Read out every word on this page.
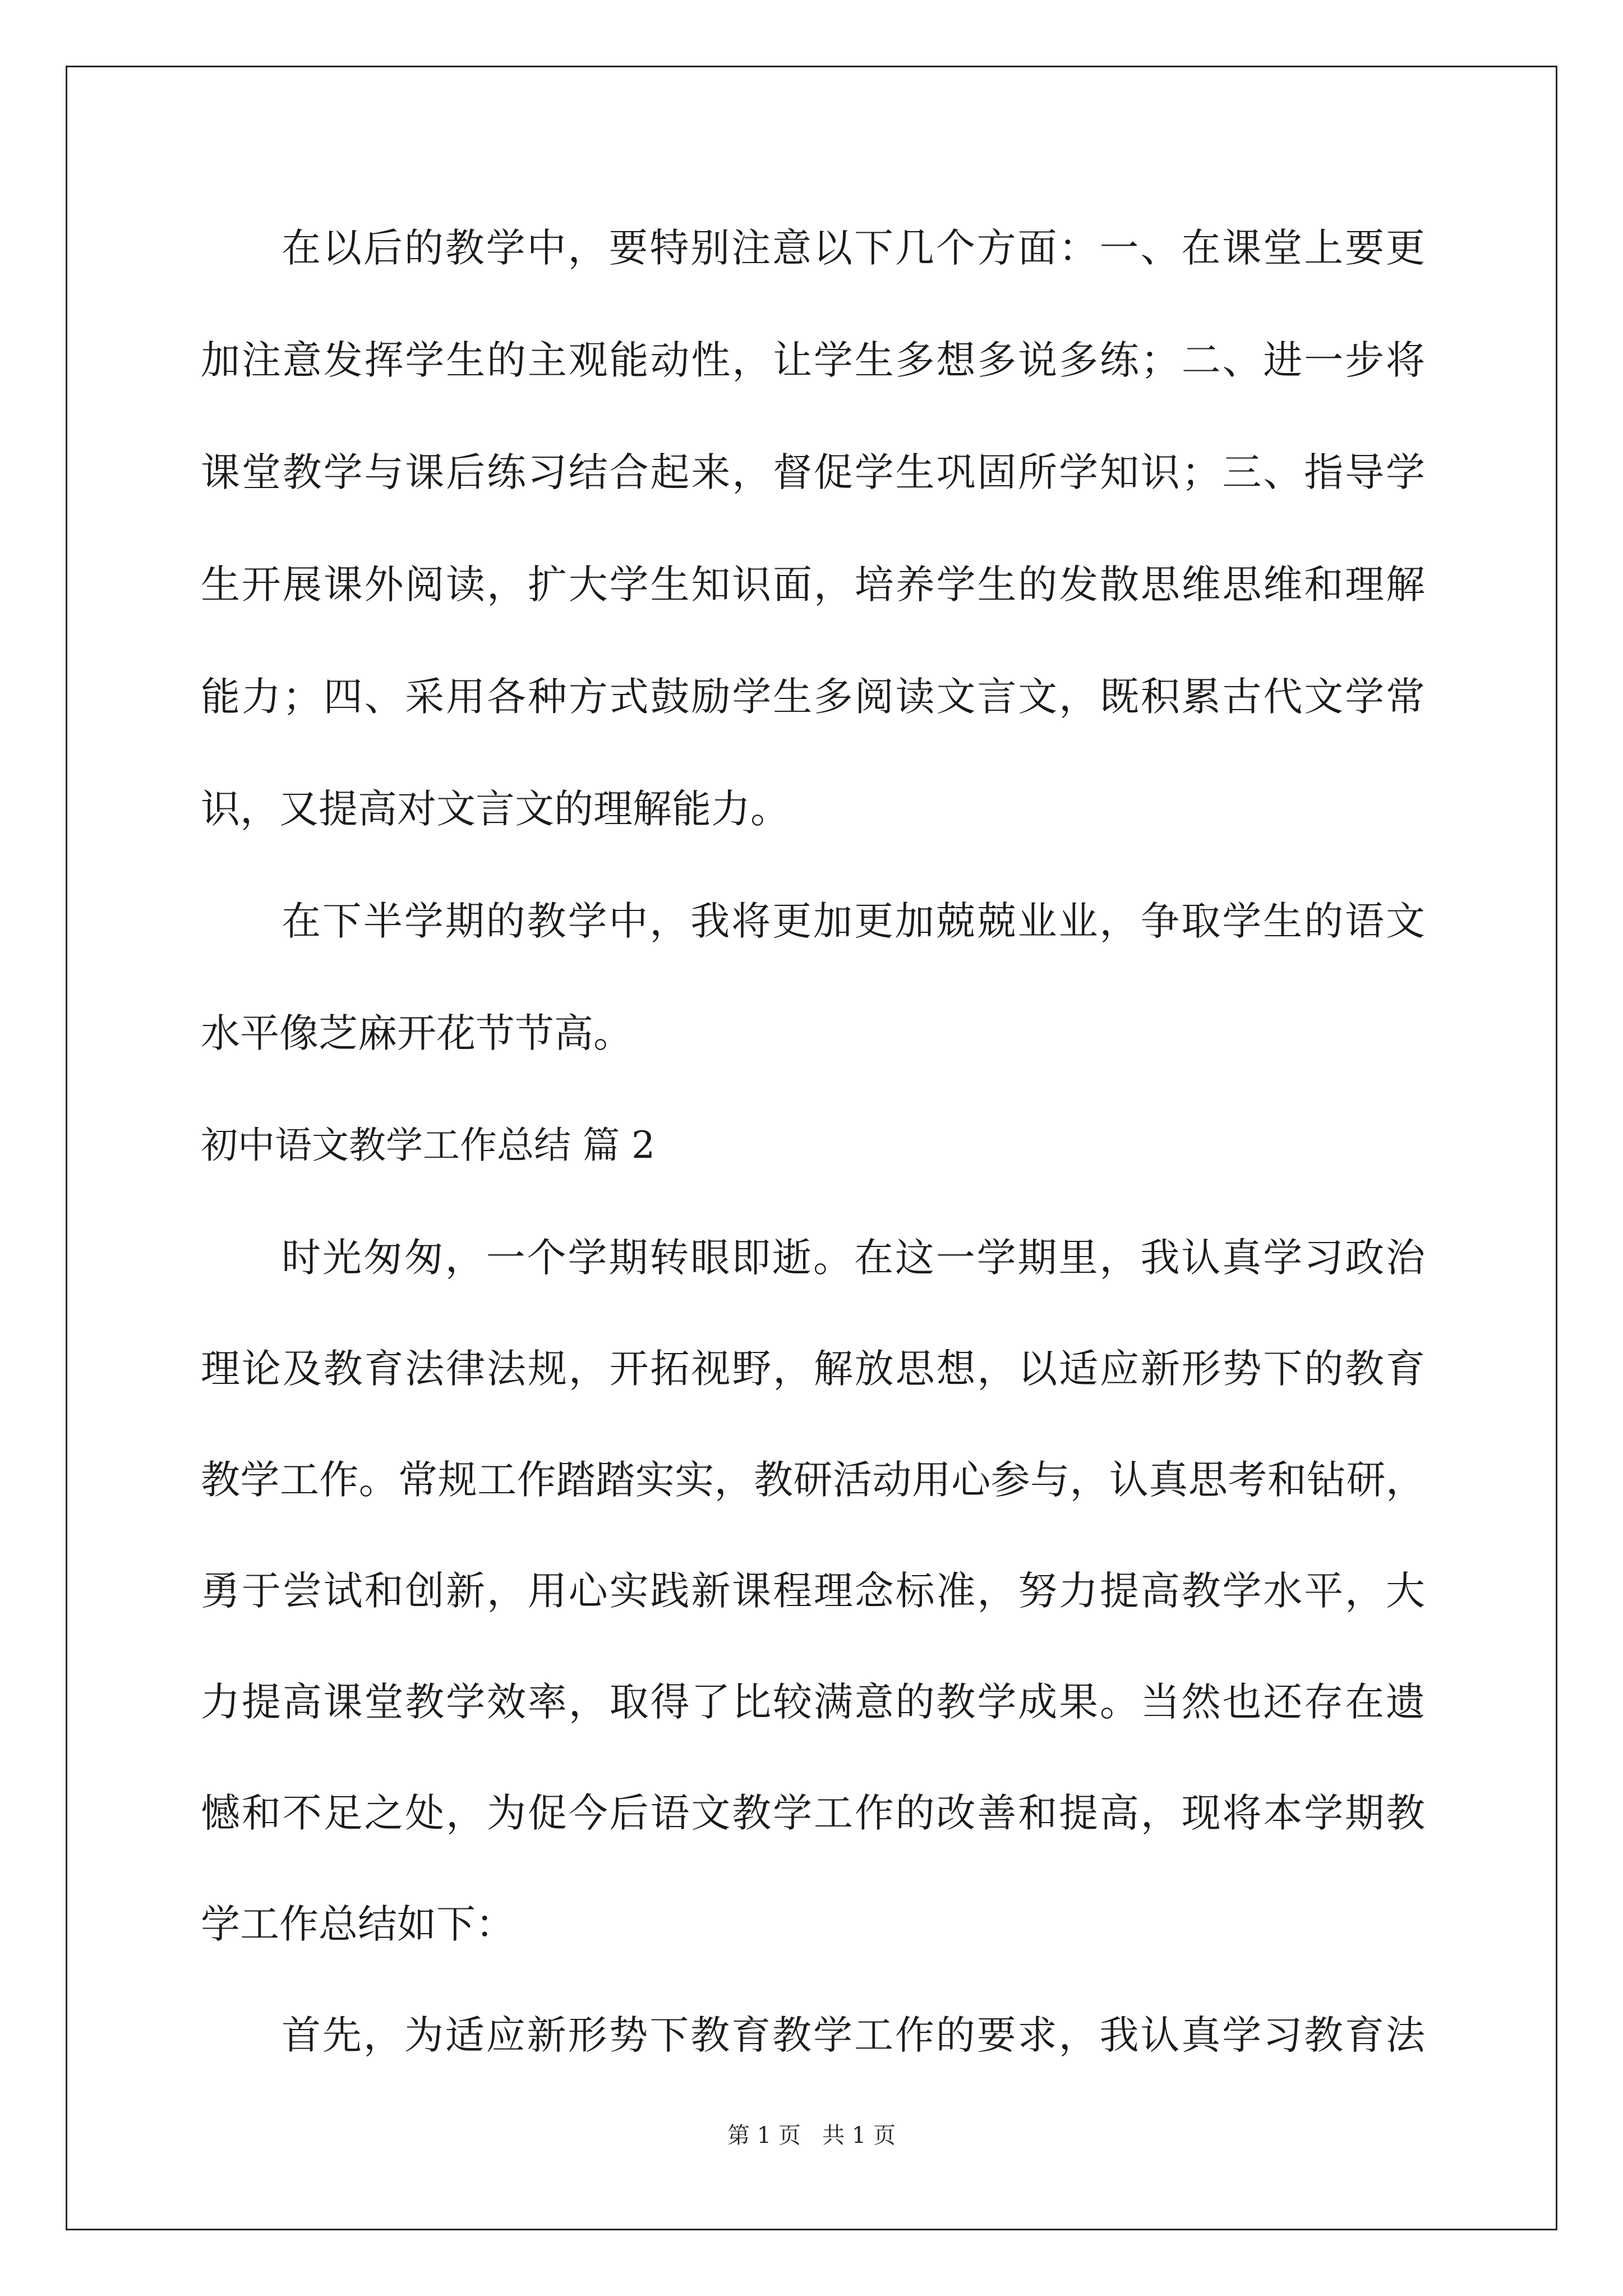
在以后的教学中，要特别注意以下几个方面：一、在课堂上要更

加注意发挥学生的主观能动性，让学生多想多说多练；二、进一步将

课堂教学与课后练习结合起来，督促学生巩固所学知识；三、指导学

生开展课外阅读，扩大学生知识面，培养学生的发散思维思维和理解

能力；四、采用各种方式鼓励学生多阅读文言文，既积累古代文学常

识，又提高对文言文的理解能力。

在下半学期的教学中，我将更加更加兢兢业业，争取学生的语文

水平像芝麻开花节节高。

初中语文教学工作总结 篇 2

时光匆匆，一个学期转眼即逝。在这一学期里，我认真学习政治

理论及教育法律法规，开拓视野，解放思想，以适应新形势下的教育

教学工作。常规工作踏踏实实，教研活动用心参与，认真思考和钻研，

勇于尝试和创新，用心实践新课程理念标准，努力提高教学水平，大

力提高课堂教学效率，取得了比较满意的教学成果。当然也还存在遗

憾和不足之处，为促今后语文教学工作的改善和提高，现将本学期教

学工作总结如下：

首先，为适应新形势下教育教学工作的要求，我认真学习教育法

第 1 页   共 1 页
